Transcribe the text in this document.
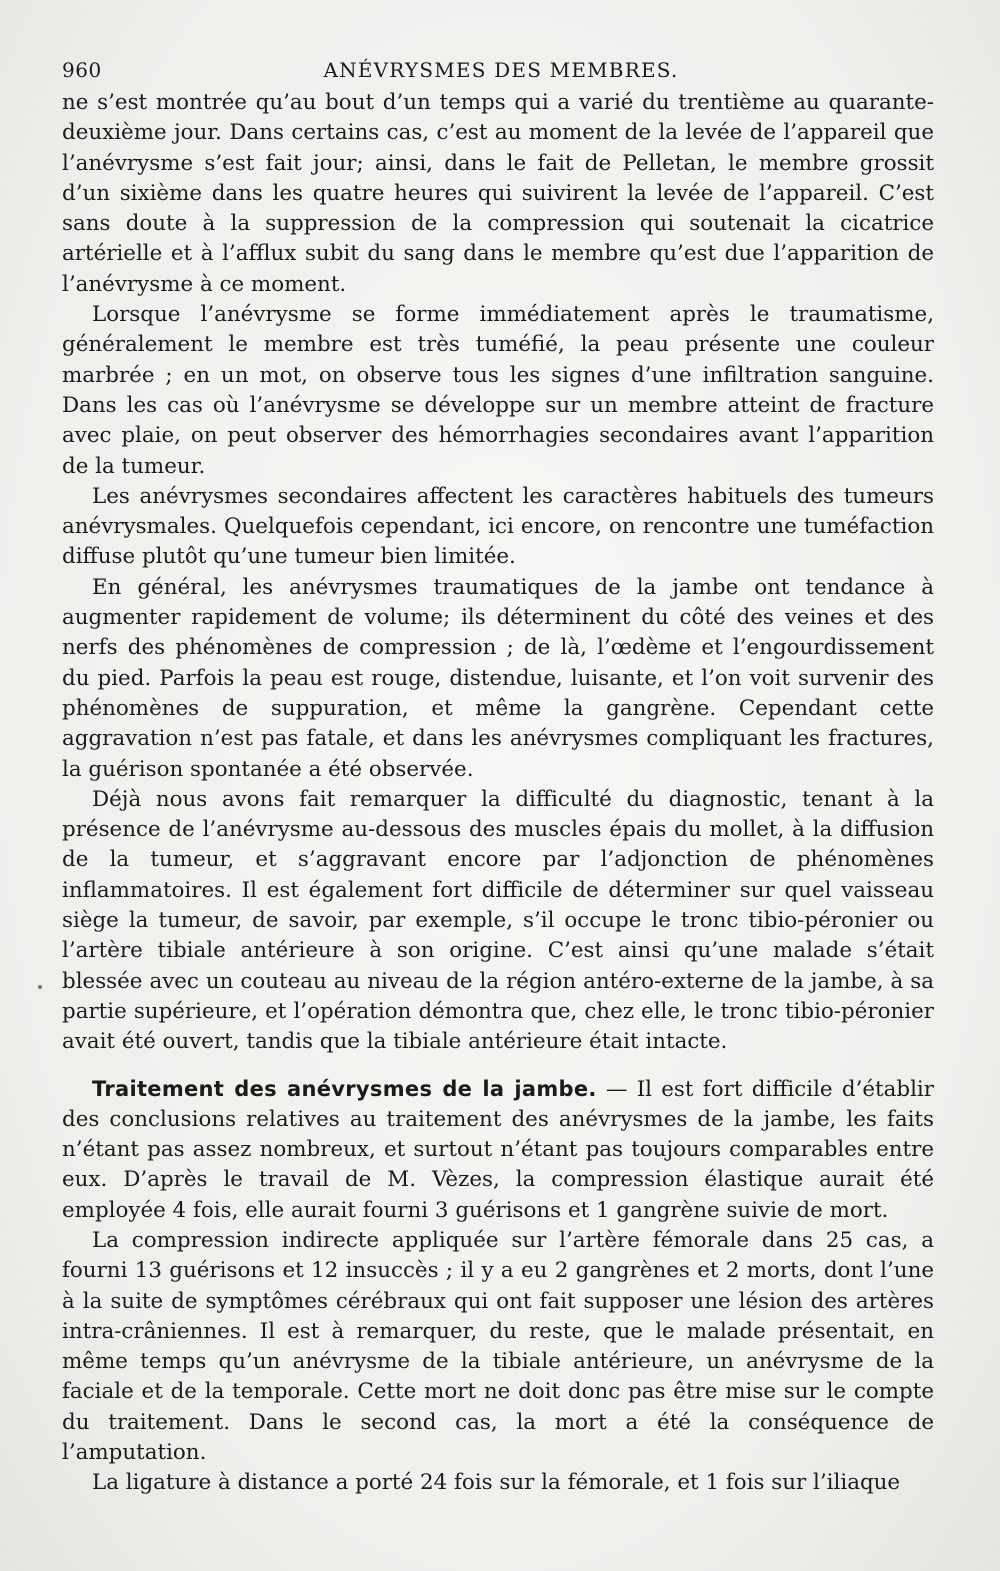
960	ANÉVRYSMES DES MEMBRES.

ne s’est montrée qu’au bout d’un temps qui a varié du trentième au quarante-deuxième jour. Dans certains cas, c’est au moment de la levée de l’appareil que l’anévrysme s’est fait jour; ainsi, dans le fait de Pelletan, le membre grossit d’un sixième dans les quatre heures qui suivirent la levée de l’appareil. C’est sans doute à la suppression de la compression qui soutenait la cicatrice artérielle et à l’afflux subit du sang dans le membre qu’est due l’apparition de l’anévrysme à ce moment.

Lorsque l’anévrysme se forme immédiatement après le traumatisme, généralement le membre est très tuméfié, la peau présente une couleur marbrée ; en un mot, on observe tous les signes d’une infiltration sanguine. Dans les cas où l’anévrysme se développe sur un membre atteint de fracture avec plaie, on peut observer des hémorrhagies secondaires avant l’apparition de la tumeur.

Les anévrysmes secondaires affectent les caractères habituels des tumeurs anévrysmales. Quelquefois cependant, ici encore, on rencontre une tuméfaction diffuse plutôt qu’une tumeur bien limitée.

En général, les anévrysmes traumatiques de la jambe ont tendance à augmenter rapidement de volume; ils déterminent du côté des veines et des nerfs des phénomènes de compression ; de là, l’œdème et l’engourdissement du pied. Parfois la peau est rouge, distendue, luisante, et l’on voit survenir des phénomènes de suppuration, et même la gangrène. Cependant cette aggravation n’est pas fatale, et dans les anévrysmes compliquant les fractures, la guérison spontanée a été observée.

Déjà nous avons fait remarquer la difficulté du diagnostic, tenant à la présence de l’anévrysme au-dessous des muscles épais du mollet, à la diffusion de la tumeur, et s’aggravant encore par l’adjonction de phénomènes inflammatoires. Il est également fort difficile de déterminer sur quel vaisseau siège la tumeur, de savoir, par exemple, s’il occupe le tronc tibio-péronier ou l’artère tibiale antérieure à son origine. C’est ainsi qu’une malade s’était blessée avec un couteau au niveau de la région antéro-externe de la jambe, à sa partie supérieure, et l’opération démontra que, chez elle, le tronc tibio-péronier avait été ouvert, tandis que la tibiale antérieure était intacte.

Traitement des anévrysmes de la jambe. — Il est fort difficile d’établir des conclusions relatives au traitement des anévrysmes de la jambe, les faits n’étant pas assez nombreux, et surtout n’étant pas toujours comparables entre eux. D’après le travail de M. Vèzes, la compression élastique aurait été employée 4 fois, elle aurait fourni 3 guérisons et 1 gangrène suivie de mort.

La compression indirecte appliquée sur l’artère fémorale dans 25 cas, a fourni 13 guérisons et 12 insuccès ; il y a eu 2 gangrènes et 2 morts, dont l’une à la suite de symptômes cérébraux qui ont fait supposer une lésion des artères intra-crâniennes. Il est à remarquer, du reste, que le malade présentait, en même temps qu’un anévrysme de la tibiale antérieure, un anévrysme de la faciale et de la temporale. Cette mort ne doit donc pas être mise sur le compte du traitement. Dans le second cas, la mort a été la conséquence de l’amputation.

La ligature à distance a porté 24 fois sur la fémorale, et 1 fois sur l’iliaque
